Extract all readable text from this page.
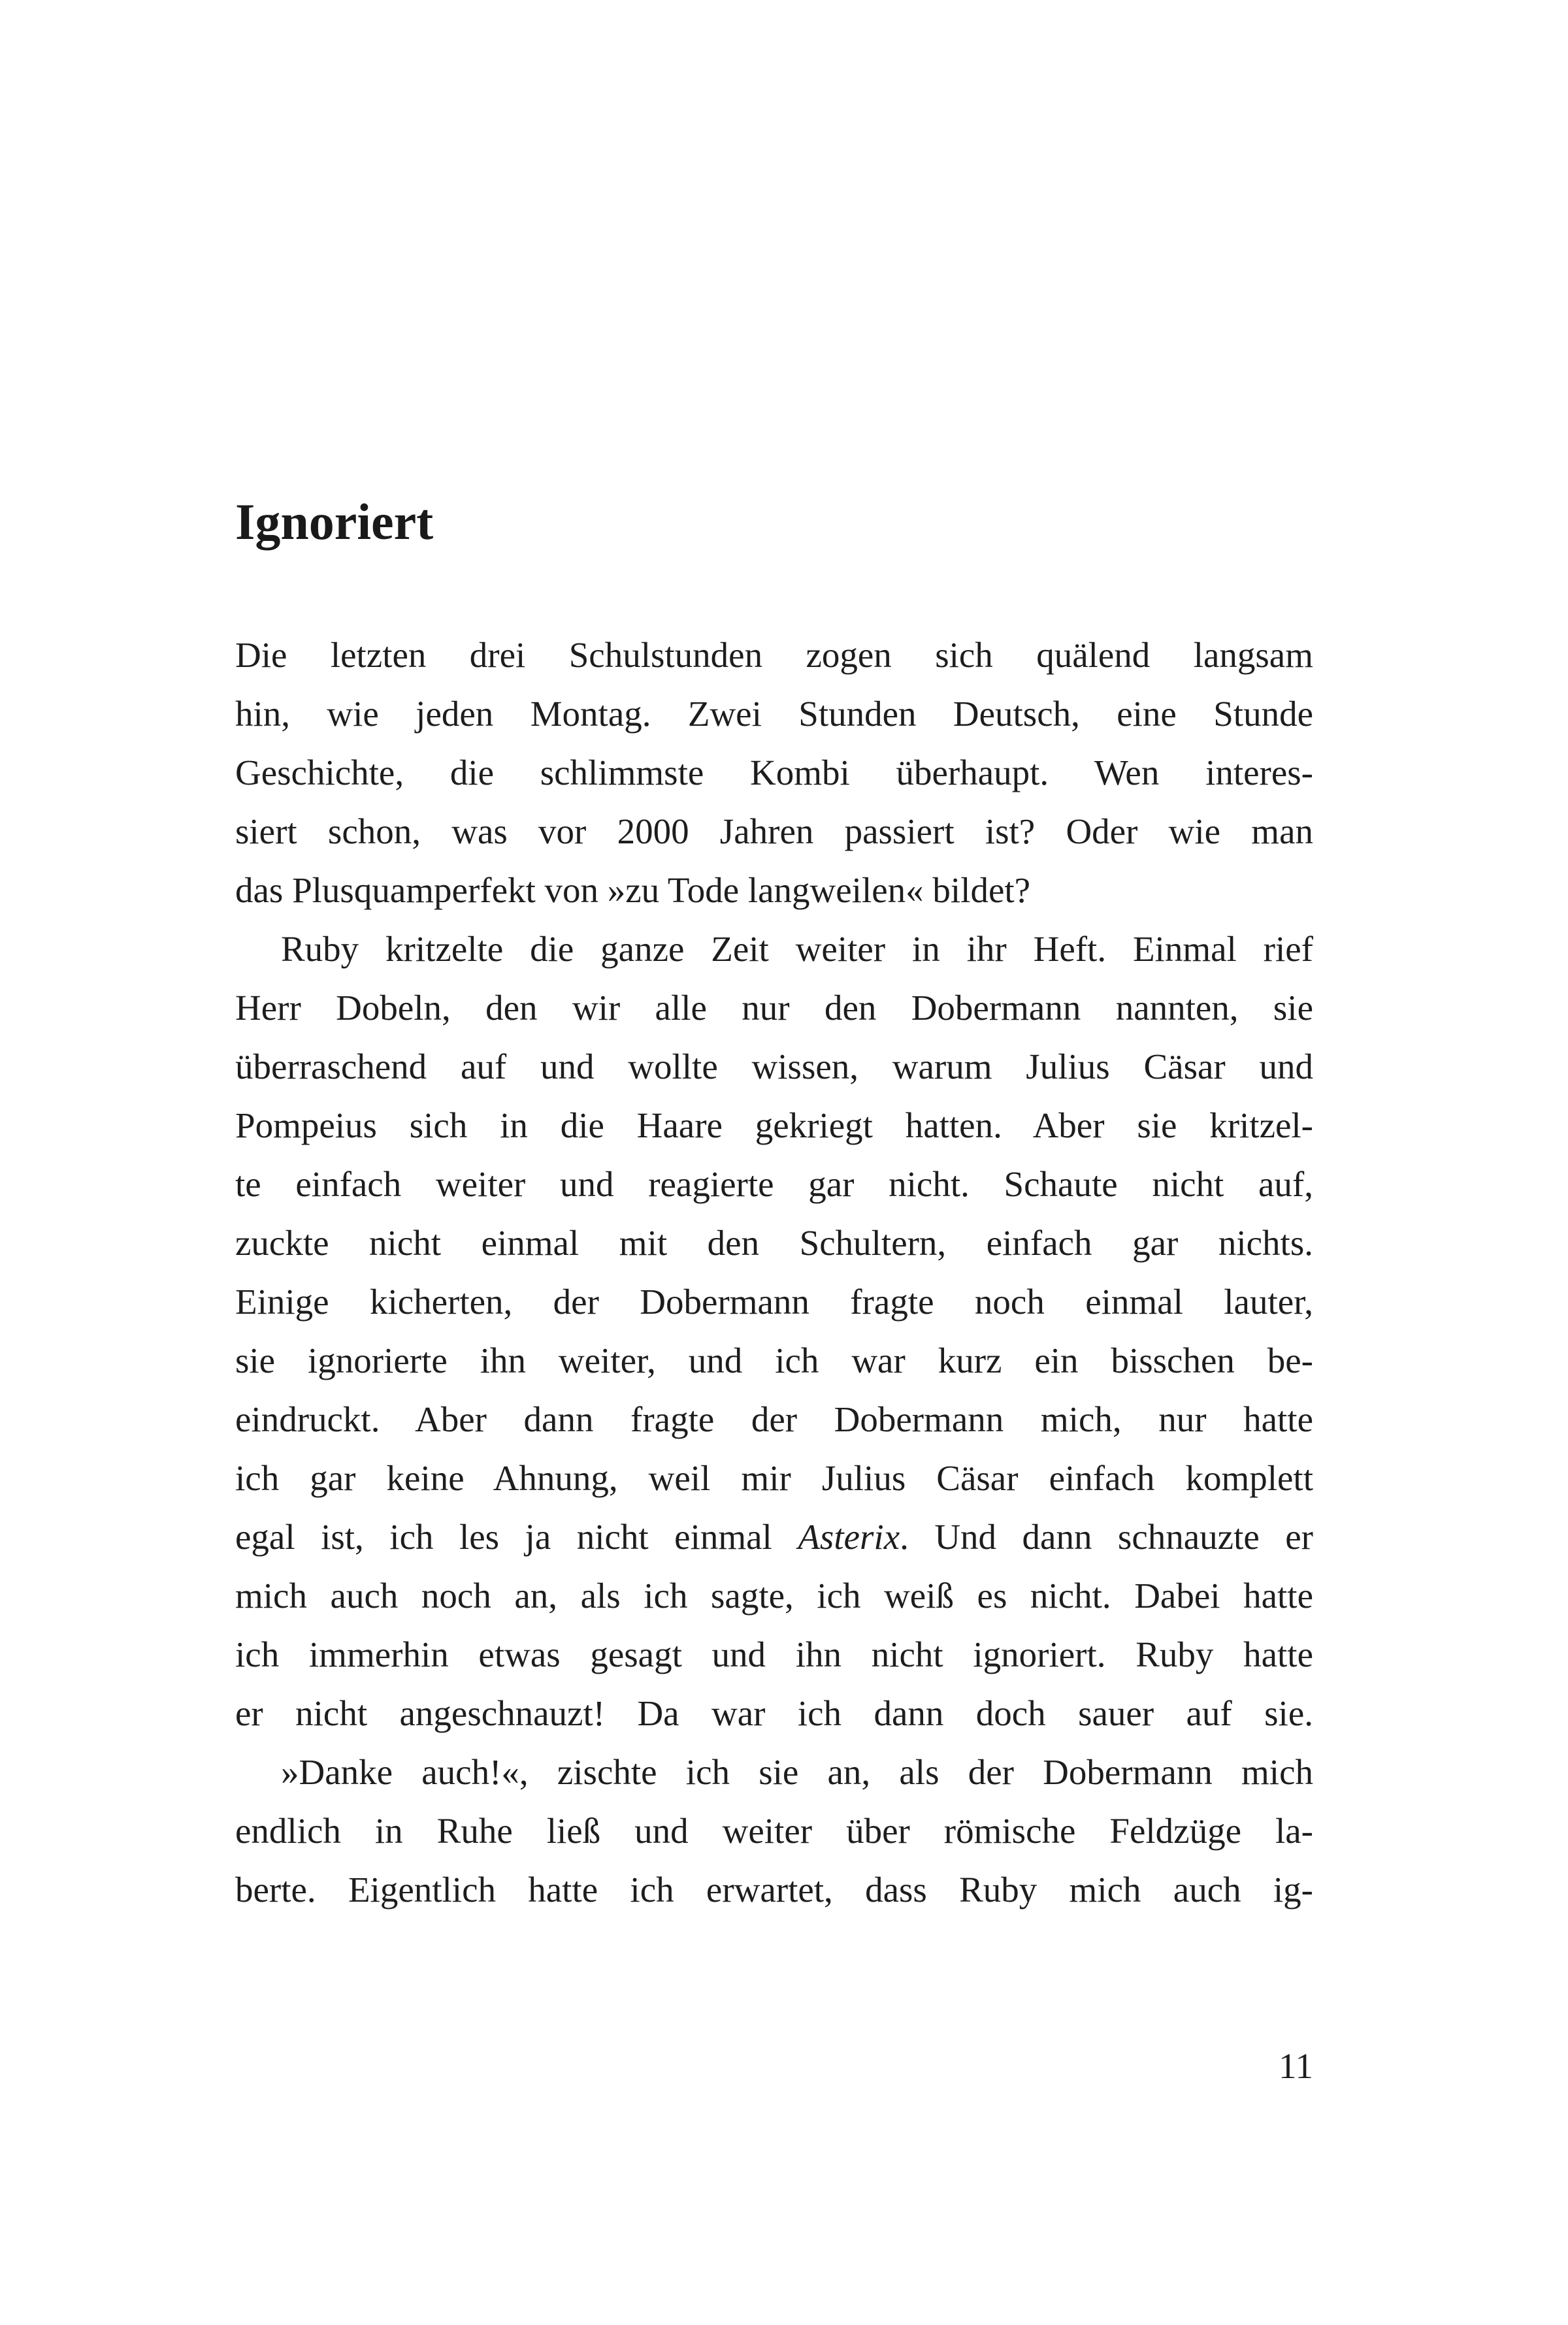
Ignoriert
Die letzten drei Schulstunden zogen sich quälend langsam
hin, wie jeden Montag. Zwei Stunden Deutsch, eine Stunde
Geschichte, die schlimmste Kombi überhaupt. Wen interes-
siert schon, was vor 2000 Jahren passiert ist? Oder wie man
das Plusquamperfekt von »zu Tode langweilen« bildet?
Ruby kritzelte die ganze Zeit weiter in ihr Heft. Einmal rief
Herr Dobeln, den wir alle nur den Dobermann nannten, sie
überraschend auf und wollte wissen, warum Julius Cäsar und
Pompeius sich in die Haare gekriegt hatten. Aber sie kritzel-
te einfach weiter und reagierte gar nicht. Schaute nicht auf,
zuckte nicht einmal mit den Schultern, einfach gar nichts.
Einige kicherten, der Dobermann fragte noch einmal lauter,
sie ignorierte ihn weiter, und ich war kurz ein bisschen be-
eindruckt. Aber dann fragte der Dobermann mich, nur hatte
ich gar keine Ahnung, weil mir Julius Cäsar einfach komplett
egal ist, ich les ja nicht einmal Asterix. Und dann schnauzte er
mich auch noch an, als ich sagte, ich weiß es nicht. Dabei hatte
ich immerhin etwas gesagt und ihn nicht ignoriert. Ruby hatte
er nicht angeschnauzt! Da war ich dann doch sauer auf sie.
»Danke auch!«, zischte ich sie an, als der Dobermann mich
endlich in Ruhe ließ und weiter über römische Feldzüge la-
berte. Eigentlich hatte ich erwartet, dass Ruby mich auch ig-
11
